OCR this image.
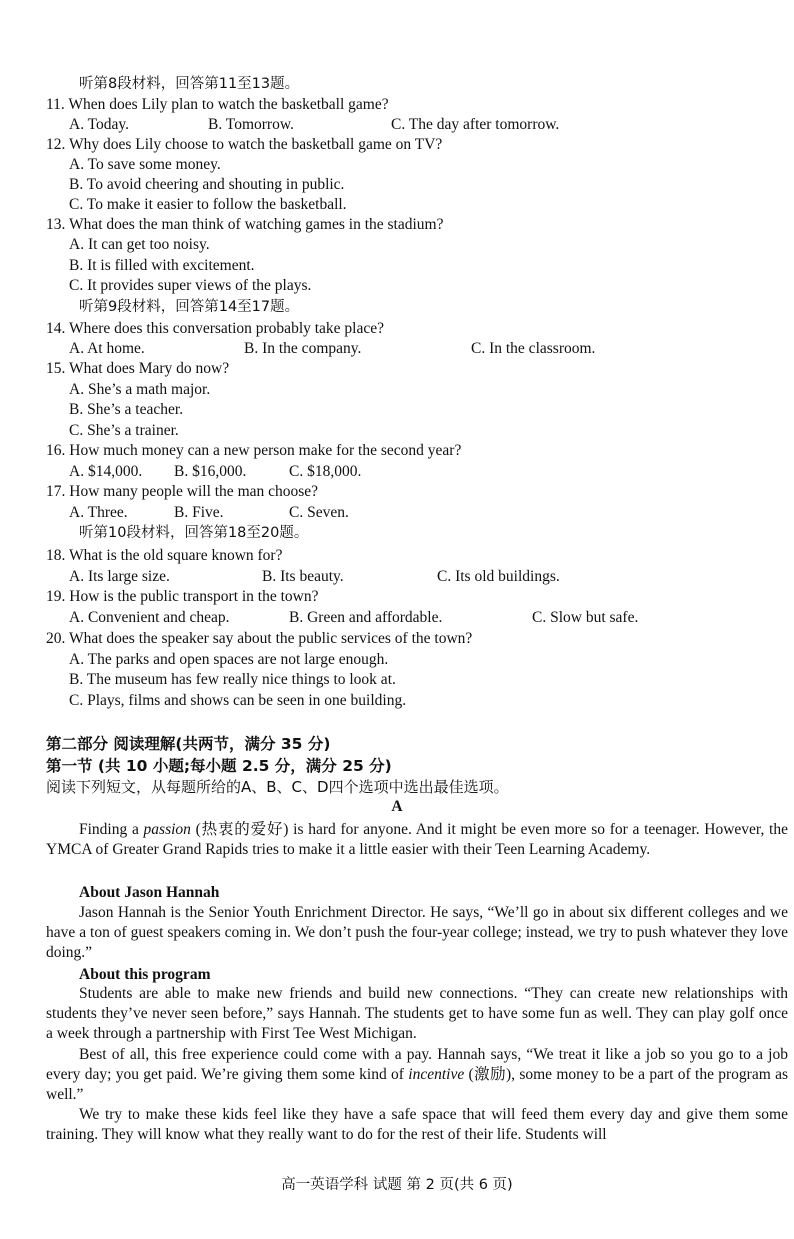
听第8段材料，回答第11至13题。
11. When does Lily plan to watch the basketball game?
A. Today.	B. Tomorrow.	C. The day after tomorrow.
12. Why does Lily choose to watch the basketball game on TV?
A. To save some money.
B. To avoid cheering and shouting in public.
C. To make it easier to follow the basketball.
13. What does the man think of watching games in the stadium?
A. It can get too noisy.
B. It is filled with excitement.
C. It provides super views of the plays.
听第9段材料，回答第14至17题。
14. Where does this conversation probably take place?
A. At home.	B. In the company.	C. In the classroom.
15. What does Mary do now?
A. She’s a math major.
B. She’s a teacher.
C. She’s a trainer.
16. How much money can a new person make for the second year?
A. $14,000. B. $16,000.	C. $18,000.
17. How many people will the man choose?
A. Three.	B. Five.	C. Seven.
听第10段材料，回答第18至20题。
18. What is the old square known for?
A. Its large size.	B. Its beauty.	C. Its old buildings.
19. How is the public transport in the town?
A. Convenient and cheap.	B. Green and affordable.	C. Slow but safe.
20. What does the speaker say about the public services of the town?
A. The parks and open spaces are not large enough.
B. The museum has few really nice things to look at.
C. Plays, films and shows can be seen in one building.
第二部分 阅读理解(共两节，满分 35 分)
第一节 (共 10 小题;每小题 2.5 分，满分 25 分)
阅读下列短文，从每题所给的A、B、C、D四个选项中选出最佳选项。
A

Finding a passion (热衷的爱好) is hard for anyone. And it might be even more so for a teenager. However, the YMCA of Greater Grand Rapids tries to make it a little easier with their Teen Learning Academy.

About Jason Hannah

Jason Hannah is the Senior Youth Enrichment Director. He says, “We’ll go in about six different colleges and we have a ton of guest speakers coming in. We don’t push the four-year college; instead, we try to push whatever they love doing.”

About this program

Students are able to make new friends and build new connections. “They can create new relationships with students they’ve never seen before,” says Hannah. The students get to have some fun as well. They can play golf once a week through a partnership with First Tee West Michigan.

Best of all, this free experience could come with a pay. Hannah says, “We treat it like a job so you go to a job every day; you get paid. We’re giving them some kind of incentive (激励), some money to be a part of the program as well.”

We try to make these kids feel like they have a safe space that will feed them every day and give them some training. They will know what they really want to do for the rest of their life. Students will

高一英语学科 试题 第 2 页(共 6 页)
